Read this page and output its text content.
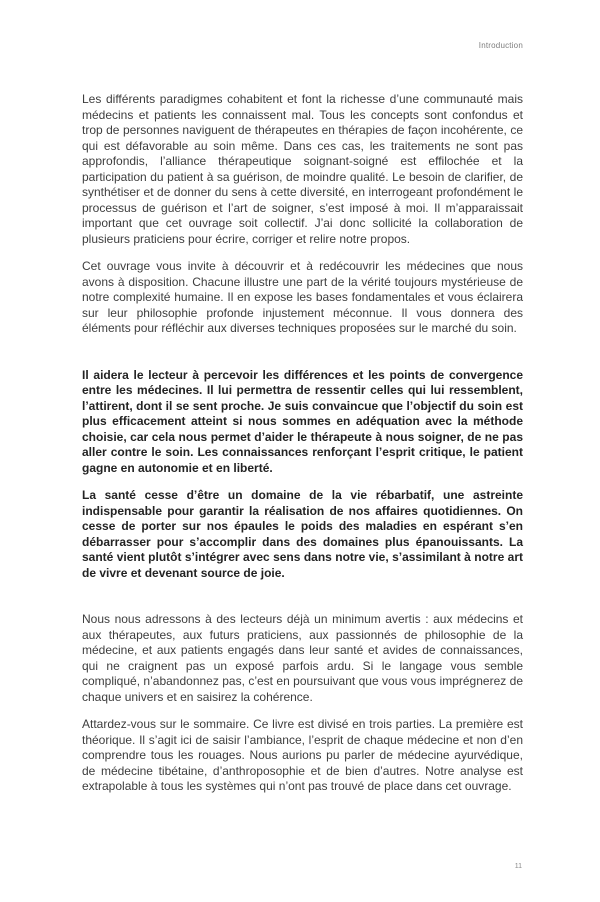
Introduction

Les différents paradigmes cohabitent et font la richesse d’une communauté mais médecins et patients les connaissent mal. Tous les concepts sont confondus et trop de personnes naviguent de thérapeutes en thérapies de façon incohérente, ce qui est défavorable au soin même. Dans ces cas, les traitements ne sont pas approfondis, l’alliance thérapeutique soignant-soigné est effilochée et la participation du patient à sa guérison, de moindre qualité. Le besoin de clarifier, de synthétiser et de donner du sens à cette diversité, en interrogeant profondément le processus de guérison et l’art de soigner, s’est imposé à moi. Il m’apparaissait important que cet ouvrage soit collectif. J’ai donc sollicité la collaboration de plusieurs praticiens pour écrire, corriger et relire notre propos.

Cet ouvrage vous invite à découvrir et à redécouvrir les médecines que nous avons à disposition. Chacune illustre une part de la vérité toujours mystérieuse de notre complexité humaine. Il en expose les bases fondamentales et vous éclairera sur leur philosophie profonde injustement méconnue. Il vous donnera des éléments pour réfléchir aux diverses techniques proposées sur le marché du soin.

Il aidera le lecteur à percevoir les différences et les points de convergence entre les médecines. Il lui permettra de ressentir celles qui lui ressemblent, l’attirent, dont il se sent proche. Je suis convaincue que l’objectif du soin est plus efficacement atteint si nous sommes en adéquation avec la méthode choisie, car cela nous permet d’aider le thérapeute à nous soigner, de ne pas aller contre le soin. Les connaissances renforçant l’esprit critique, le patient gagne en autonomie et en liberté.

La santé cesse d’être un domaine de la vie rébarbatif, une astreinte indispensable pour garantir la réalisation de nos affaires quotidiennes. On cesse de porter sur nos épaules le poids des maladies en espérant s’en débarrasser pour s’accomplir dans des domaines plus épanouissants. La santé vient plutôt s’intégrer avec sens dans notre vie, s’assimilant à notre art de vivre et devenant source de joie.

Nous nous adressons à des lecteurs déjà un minimum avertis : aux médecins et aux thérapeutes, aux futurs praticiens, aux passionnés de philosophie de la médecine, et aux patients engagés dans leur santé et avides de connaissances, qui ne craignent pas un exposé parfois ardu. Si le langage vous semble compliqué, n’abandonnez pas, c’est en poursuivant que vous vous imprégnerez de chaque univers et en saisirez la cohérence.

Attardez-vous sur le sommaire. Ce livre est divisé en trois parties. La première est théorique. Il s’agit ici de saisir l’ambiance, l’esprit de chaque médecine et non d’en comprendre tous les rouages. Nous aurions pu parler de médecine ayurvédique, de médecine tibétaine, d’anthroposophie et de bien d’autres. Notre analyse est extrapolable à tous les systèmes qui n’ont pas trouvé de place dans cet ouvrage.

11
